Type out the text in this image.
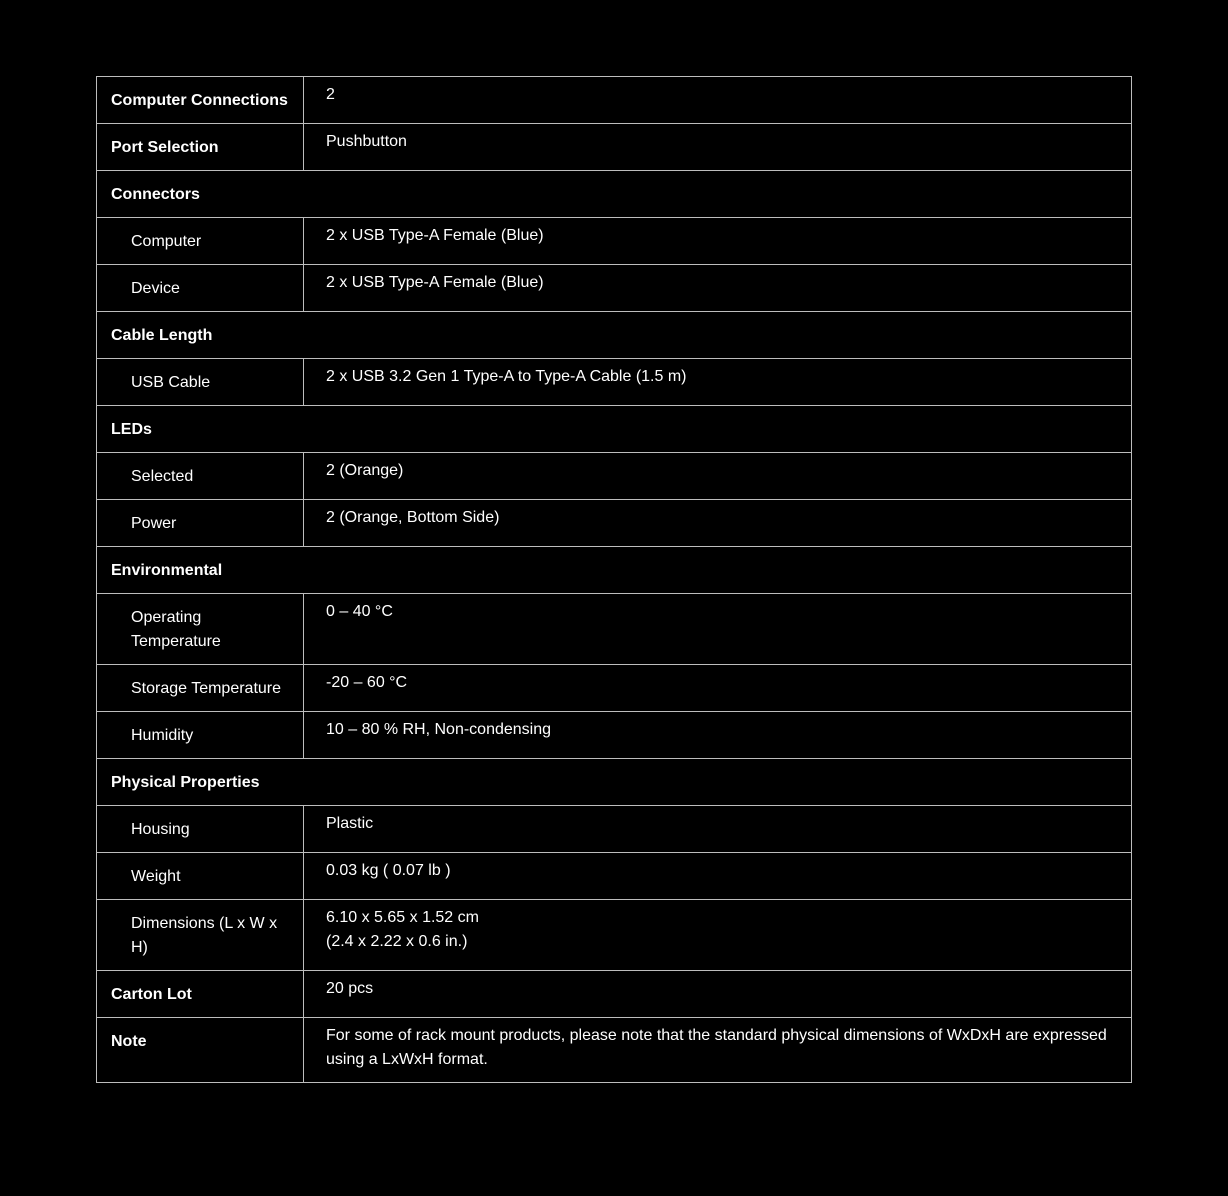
Computer Connections	2

Port Selection	Pushbutton

Connectors	
Computer	2 x USB Type-A Female (Blue)

Device	2 x USB Type-A Female (Blue)

Cable Length	
USB Cable	2 x USB 3.2 Gen 1 Type-A to Type-A Cable (1.5 m)

LEDs	
Selected	2 (Orange)

Power	2 (Orange, Bottom Side)

Environmental	
Operating Temperature	0 – 40 °C

Storage Temperature	-20 – 60 °C

Humidity	10 – 80 % RH, Non-condensing

Physical Properties	
Housing	Plastic

Weight	0.03 kg ( 0.07 lb )

Dimensions (L x W x H)	6.10 x 5.65 x 1.52 cm
(2.4 x 2.22 x 0.6 in.)

Carton Lot	20 pcs

Note	For some of rack mount products, please note that the standard physical dimensions of WxDxH are expressed using a LxWxH format.
